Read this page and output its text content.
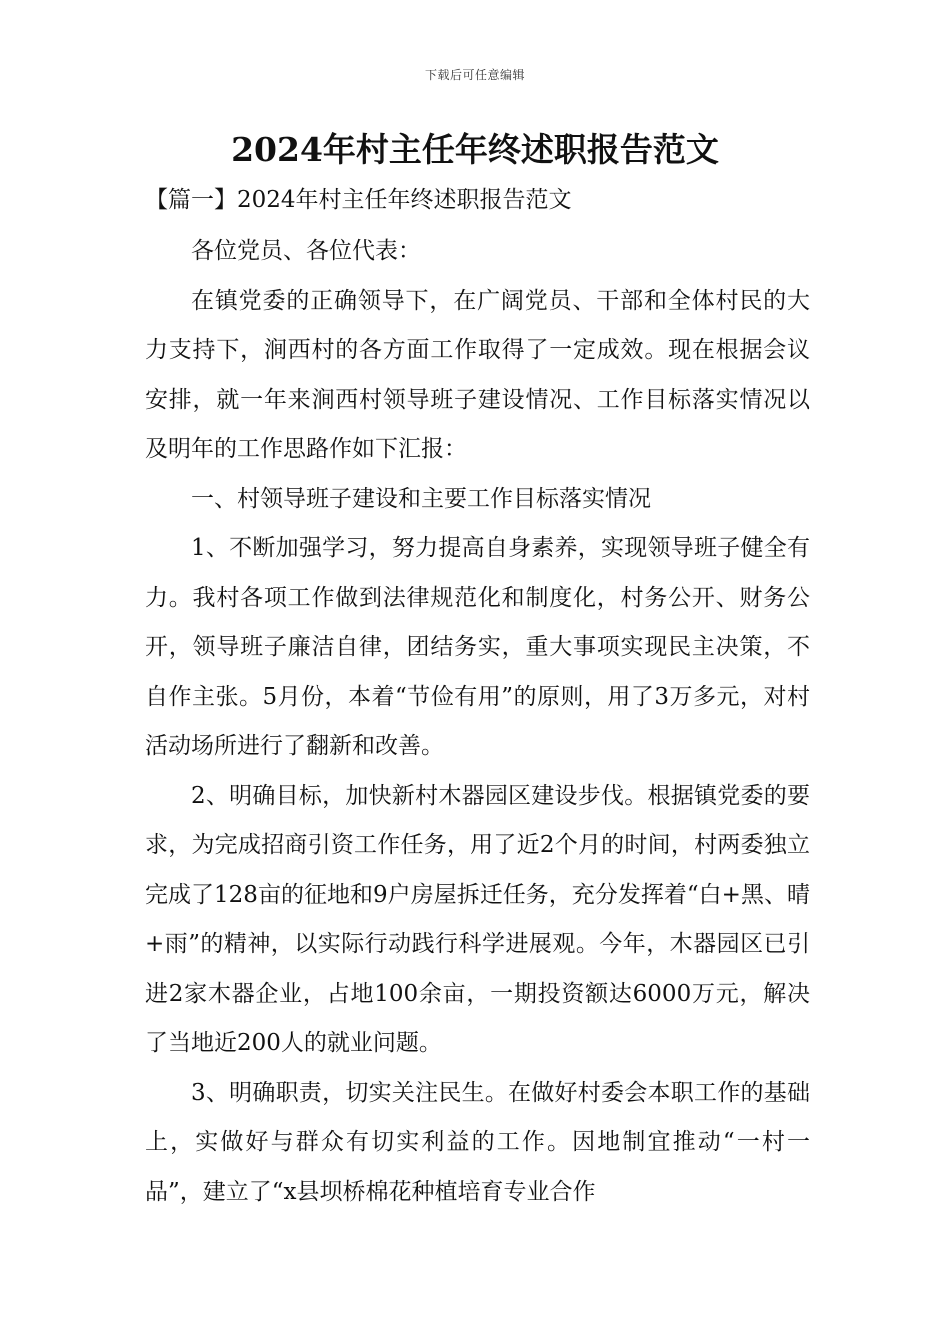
下载后可任意编辑
2024年村主任年终述职报告范文
【篇一】2024年村主任年终述职报告范文

各位党员、各位代表：

在镇党委的正确领导下，在广阔党员、干部和全体村民的大力支持下，涧西村的各方面工作取得了一定成效。现在根据会议安排，就一年来涧西村领导班子建设情况、工作目标落实情况以及明年的工作思路作如下汇报：

一、村领导班子建设和主要工作目标落实情况

1、不断加强学习，努力提高自身素养，实现领导班子健全有力。我村各项工作做到法律规范化和制度化，村务公开、财务公开，领导班子廉洁自律，团结务实，重大事项实现民主决策，不自作主张。5月份，本着“节俭有用”的原则，用了3万多元，对村活动场所进行了翻新和改善。

2、明确目标，加快新村木器园区建设步伐。根据镇党委的要求，为完成招商引资工作任务，用了近2个月的时间，村两委独立完成了128亩的征地和9户房屋拆迁任务，充分发挥着“白+黑、晴+雨”的精神，以实际行动践行科学进展观。今年，木器园区已引进2家木器企业，占地100余亩，一期投资额达6000万元，解决了当地近200人的就业问题。

3、明确职责，切实关注民生。在做好村委会本职工作的基础上，实做好与群众有切实利益的工作。因地制宜推动“一村一品”，建立了“x县坝桥棉花种植培育专业合作
